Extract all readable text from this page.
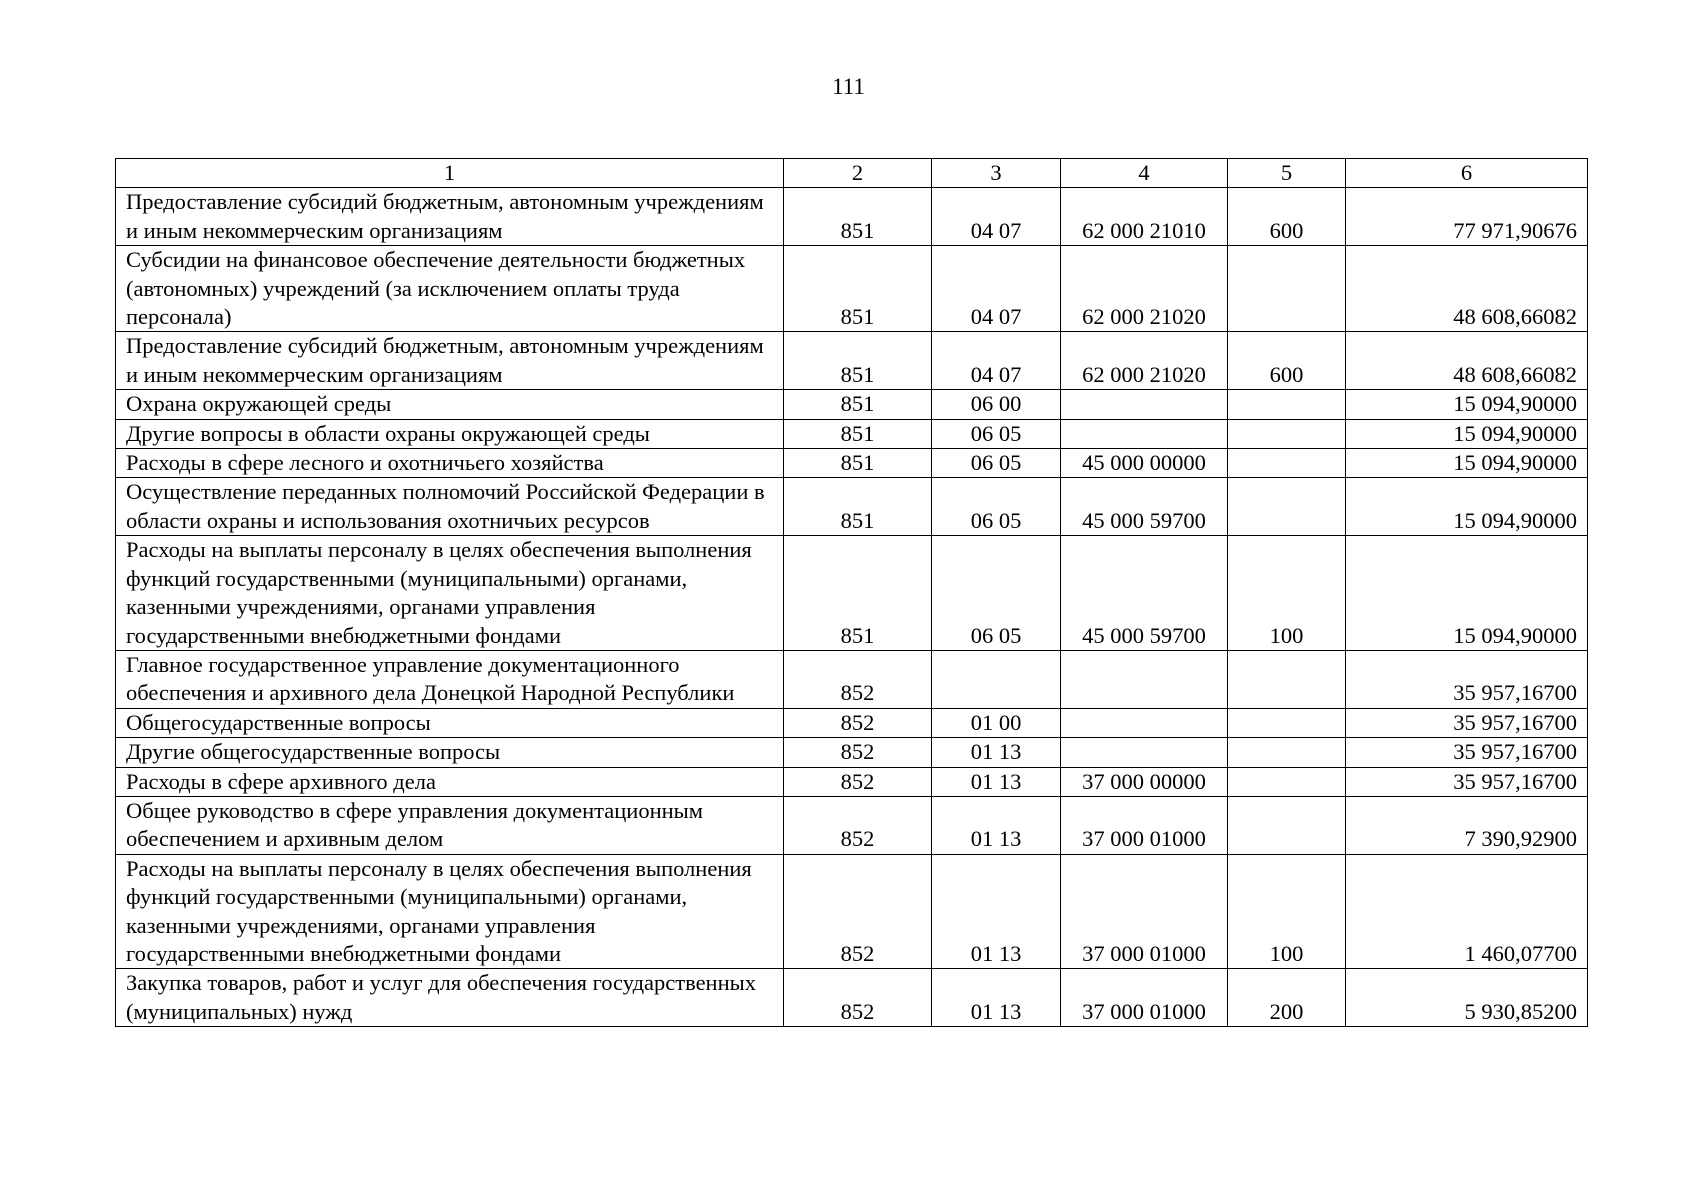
111
1	2	3	4	5	6
Предоставление субсидий бюджетным, автономным учреждениям и иным некоммерческим организациям	851	04 07	62 000 21010	600	77 971,90676
Субсидии на финансовое обеспечение деятельности бюджетных (автономных) учреждений (за исключением оплаты труда персонала)	851	04 07	62 000 21020		48 608,66082
Предоставление субсидий бюджетным, автономным учреждениям и иным некоммерческим организациям	851	04 07	62 000 21020	600	48 608,66082
Охрана окружающей среды	851	06 00			15 094,90000
Другие вопросы в области охраны окружающей среды	851	06 05			15 094,90000
Расходы в сфере лесного и охотничьего хозяйства	851	06 05	45 000 00000		15 094,90000
Осуществление переданных полномочий Российской Федерации в области охраны и использования охотничьих ресурсов	851	06 05	45 000 59700		15 094,90000
Расходы на выплаты персоналу в целях обеспечения выполнения функций государственными (муниципальными) органами, казенными учреждениями, органами управления государственными внебюджетными фондами	851	06 05	45 000 59700	100	15 094,90000
Главное государственное управление документационного обеспечения и архивного дела Донецкой Народной Республики	852				35 957,16700
Общегосударственные вопросы	852	01 00			35 957,16700
Другие общегосударственные вопросы	852	01 13			35 957,16700
Расходы в сфере архивного дела	852	01 13	37 000 00000		35 957,16700
Общее руководство в сфере управления документационным обеспечением и архивным делом	852	01 13	37 000 01000		7 390,92900
Расходы на выплаты персоналу в целях обеспечения выполнения функций государственными (муниципальными) органами, казенными учреждениями, органами управления государственными внебюджетными фондами	852	01 13	37 000 01000	100	1 460,07700
Закупка товаров, работ и услуг для обеспечения государственных (муниципальных) нужд	852	01 13	37 000 01000	200	5 930,85200
